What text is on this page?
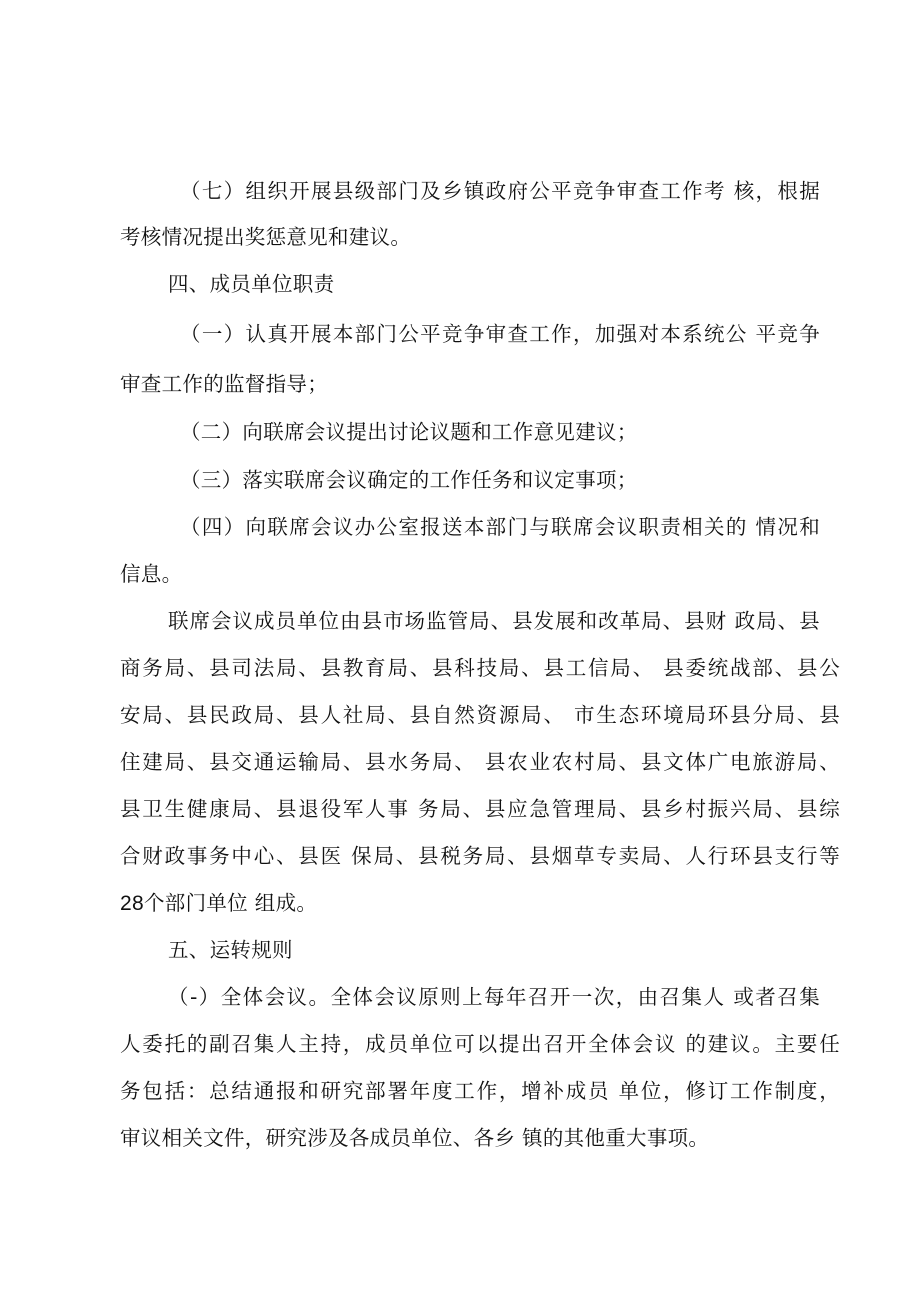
（七）组织开展县级部门及乡镇政府公平竞争审查工作考 核，根据

考核情况提出奖惩意见和建议。

四、成员单位职责

（一）认真开展本部门公平竞争审查工作，加强对本系统公 平竞争

审查工作的监督指导；

（二）向联席会议提出讨论议题和工作意见建议；

（三）落实联席会议确定的工作任务和议定事项；

（四）向联席会议办公室报送本部门与联席会议职责相关的 情况和

信息。

联席会议成员单位由县市场监管局、县发展和改革局、县财 政局、县

商务局、县司法局、县教育局、县科技局、县工信局、 县委统战部、县公

安局、县民政局、县人社局、县自然资源局、 市生态环境局环县分局、县

住建局、县交通运输局、县水务局、 县农业农村局、县文体广电旅游局、

县卫生健康局、县退役军人事 务局、县应急管理局、县乡村振兴局、县综

合财政事务中心、县医 保局、县税务局、县烟草专卖局、人行环县支行等

28个部门单位 组成。

五、运转规则

（-）全体会议。全体会议原则上每年召开一次，由召集人 或者召集

人委托的副召集人主持，成员单位可以提出召开全体会议 的建议。主要任

务包括：总结通报和研究部署年度工作，增补成员 单位，修订工作制度，

审议相关文件，研究涉及各成员单位、各乡 镇的其他重大事项。
